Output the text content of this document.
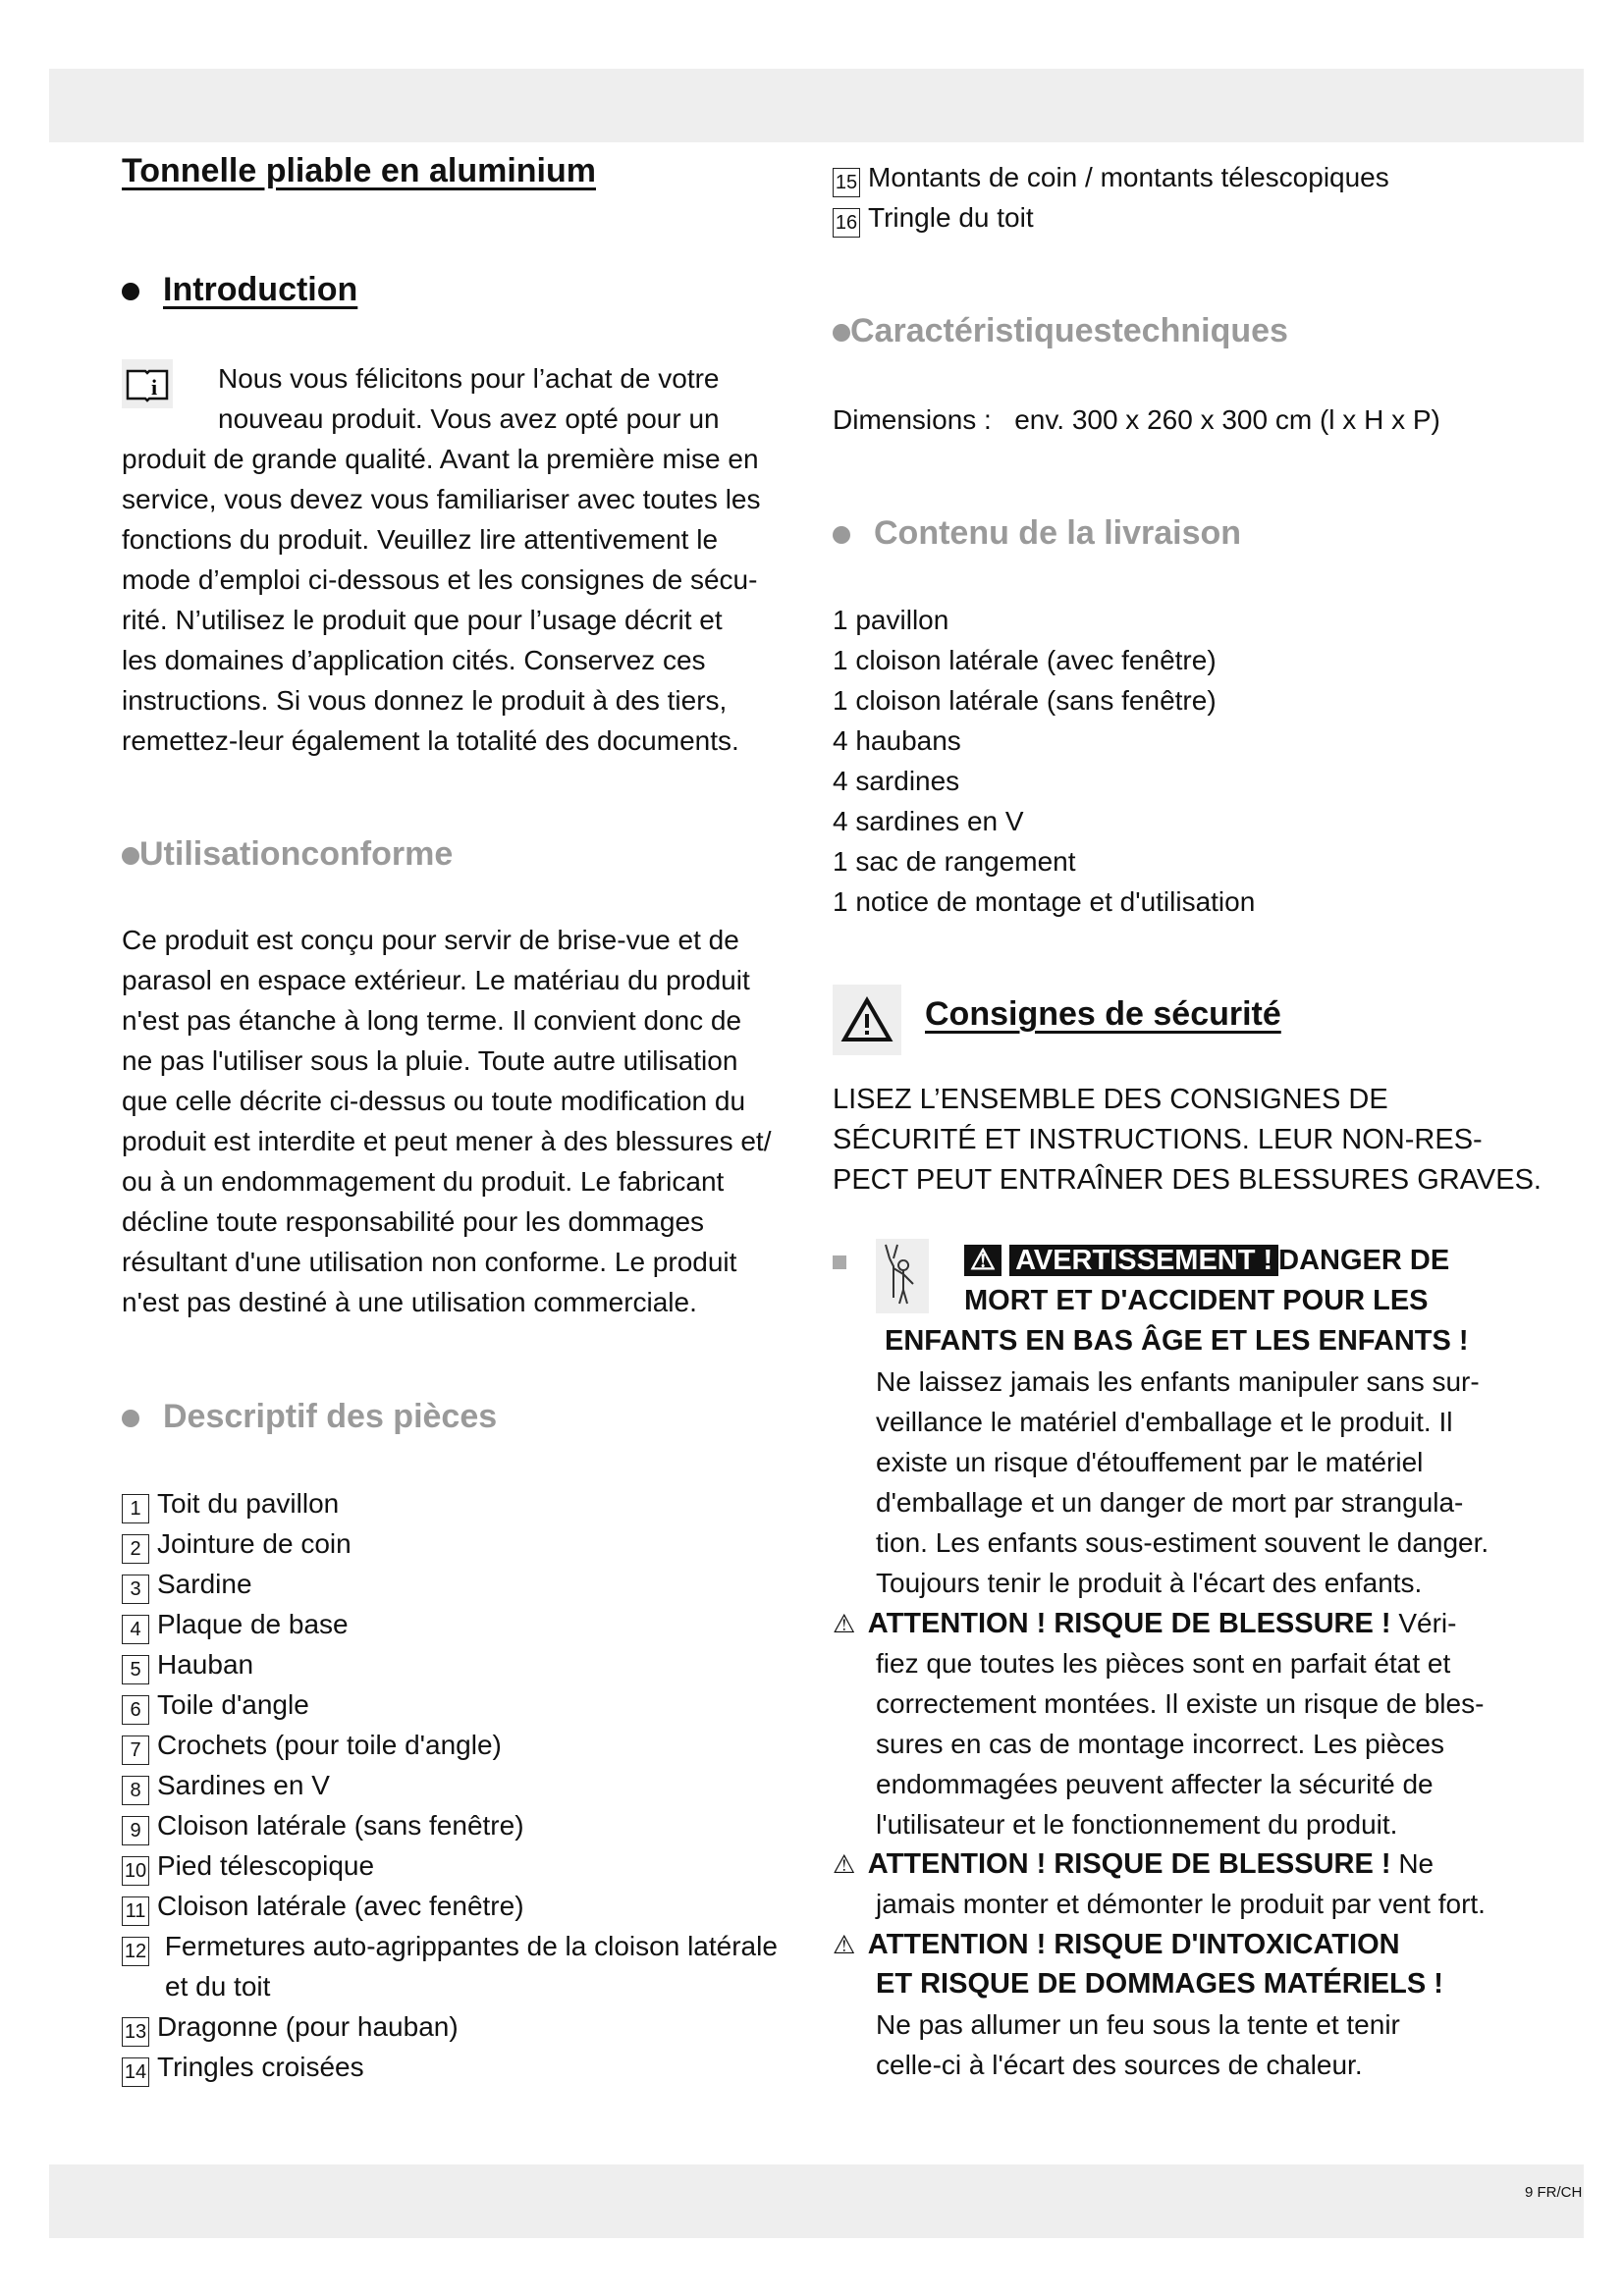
9 FR/CH
Tonnelle pliable en aluminium
Introduction
i	Nous vous félicitons pour l’achat de votre
nouveau produit. Vous avez opté pour un
produit de grande qualité. Avant la première mise en
service, vous devez vous familiariser avec toutes les
fonctions du produit. Veuillez lire attentivement le
mode d’emploi ci-dessous et les consignes de sécu-
rité. N’utilisez le produit que pour l’usage décrit et
les domaines d’application cités. Conservez ces
instructions. Si vous donnez le produit à des tiers,
remettez-leur également la totalité des documents.
Utilisationconforme
Ce produit est conçu pour servir de brise-vue et de
parasol en espace extérieur. Le matériau du produit
n'est pas étanche à long terme. Il convient donc de
ne pas l'utiliser sous la pluie. Toute autre utilisation
que celle décrite ci-dessus ou toute modification du
produit est interdite et peut mener à des blessures et/
ou à un endommagement du produit. Le fabricant
décline toute responsabilité pour les dommages
résultant d'une utilisation non conforme. Le produit
n'est pas destiné à une utilisation commerciale.
Descriptif des pièces
1 Toit du pavillon
2 Jointure de coin
3 Sardine
4 Plaque de base
5 Hauban
6 Toile d'angle
7 Crochets (pour toile d'angle)
8 Sardines en V
9 Cloison latérale (sans fenêtre)
10 Pied télescopique
11 Cloison latérale (avec fenêtre)
12 Fermetures auto-agrippantes de la cloison latérale
et du toit
13 Dragonne (pour hauban)
14 Tringles croisées
15 Montants de coin / montants télescopiques
16 Tringle du toit
Caractéristiquestechniques
Dimensions : env. 300 x 260 x 300 cm (l x H x P)
Contenu de la livraison
1 pavillon
1 cloison latérale (avec fenêtre)
1 cloison latérale (sans fenêtre)
4 haubans
4 sardines
4 sardines en V
1 sac de rangement
1 notice de montage et d'utilisation
Consignes de sécurité
LISEZ L’ENSEMBLE DES CONSIGNES DE
SÉCURITÉ ET INSTRUCTIONS. LEUR NON-RES-
PECT PEUT ENTRAÎNER DES BLESSURES GRAVES.
⚠ AVERTISSEMENT ! DANGER DE
MORT ET D'ACCIDENT POUR LES
ENFANTS EN BAS ÂGE ET LES ENFANTS !
Ne laissez jamais les enfants manipuler sans sur-
veillance le matériel d'emballage et le produit. Il
existe un risque d'étouffement par le matériel
d'emballage et un danger de mort par strangula-
tion. Les enfants sous-estiment souvent le danger.
Toujours tenir le produit à l'écart des enfants.
⚠ ATTENTION ! RISQUE DE BLESSURE ! Véri-
fiez que toutes les pièces sont en parfait état et
correctement montées. Il existe un risque de bles-
sures en cas de montage incorrect. Les pièces
endommagées peuvent affecter la sécurité de
l'utilisateur et le fonctionnement du produit.
⚠ ATTENTION ! RISQUE DE BLESSURE ! Ne
jamais monter et démonter le produit par vent fort.
⚠ ATTENTION ! RISQUE D'INTOXICATION
ET RISQUE DE DOMMAGES MATÉRIELS !
Ne pas allumer un feu sous la tente et tenir
celle-ci à l'écart des sources de chaleur.
